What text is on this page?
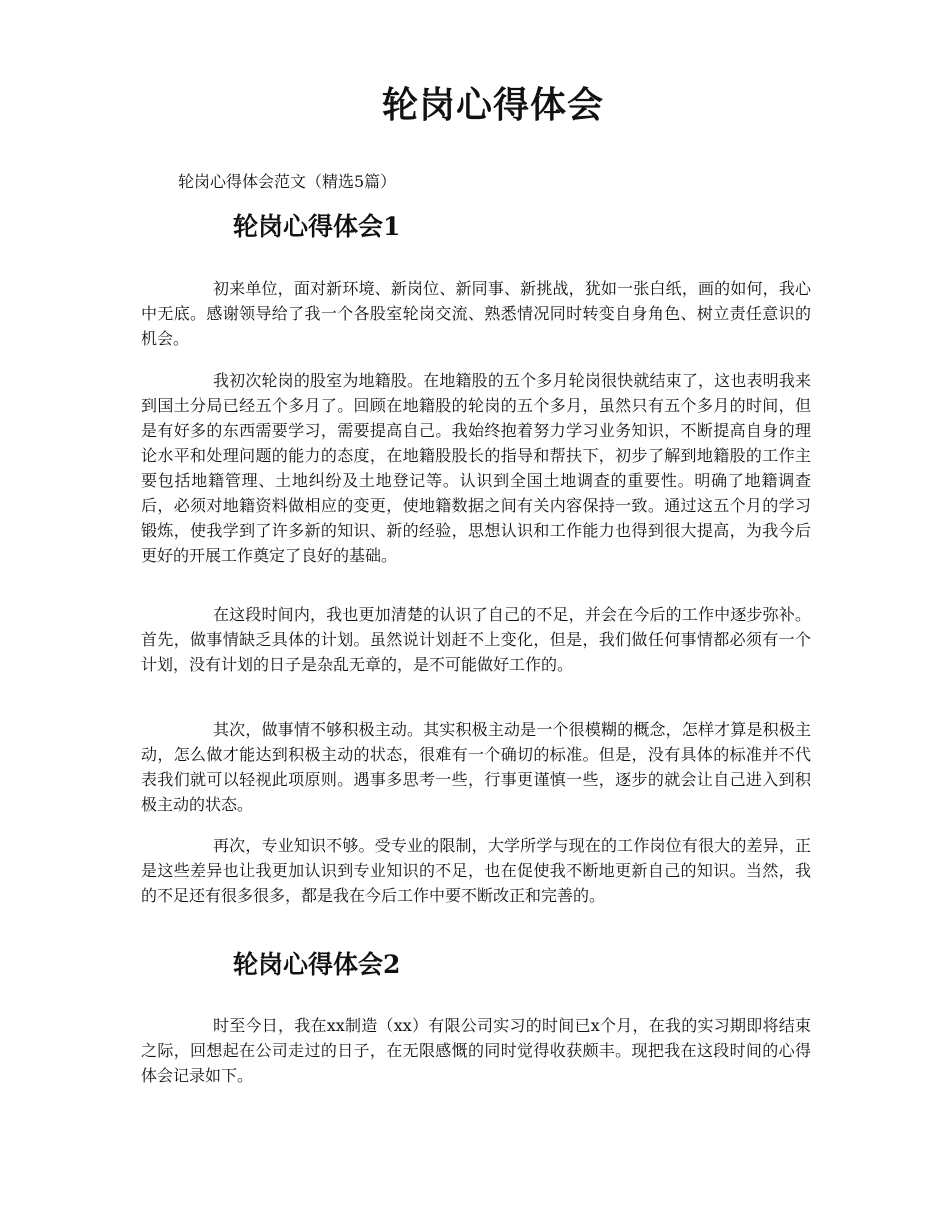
轮岗心得体会

轮岗心得体会范文（精选5篇）

轮岗心得体会1

初来单位，面对新环境、新岗位、新同事、新挑战，犹如一张白纸，画的如何，我心中无底。感谢领导给了我一个各股室轮岗交流、熟悉情况同时转变自身角色、树立责任意识的机会。

我初次轮岗的股室为地籍股。在地籍股的五个多月轮岗很快就结束了，这也表明我来到国土分局已经五个多月了。回顾在地籍股的轮岗的五个多月，虽然只有五个多月的时间，但是有好多的东西需要学习，需要提高自己。我始终抱着努力学习业务知识，不断提高自身的理论水平和处理问题的能力的态度，在地籍股股长的指导和帮扶下，初步了解到地籍股的工作主要包括地籍管理、土地纠纷及土地登记等。认识到全国土地调查的重要性。明确了地籍调查后，必须对地籍资料做相应的变更，使地籍数据之间有关内容保持一致。通过这五个月的学习锻炼，使我学到了许多新的知识、新的经验，思想认识和工作能力也得到很大提高，为我今后更好的开展工作奠定了良好的基础。

在这段时间内，我也更加清楚的认识了自己的不足，并会在今后的工作中逐步弥补。首先，做事情缺乏具体的计划。虽然说计划赶不上变化，但是，我们做任何事情都必须有一个计划，没有计划的日子是杂乱无章的，是不可能做好工作的。

其次，做事情不够积极主动。其实积极主动是一个很模糊的概念，怎样才算是积极主动，怎么做才能达到积极主动的状态，很难有一个确切的标准。但是，没有具体的标准并不代表我们就可以轻视此项原则。遇事多思考一些，行事更谨慎一些，逐步的就会让自己进入到积极主动的状态。

再次，专业知识不够。受专业的限制，大学所学与现在的工作岗位有很大的差异，正是这些差异也让我更加认识到专业知识的不足，也在促使我不断地更新自己的知识。当然，我的不足还有很多很多，都是我在今后工作中要不断改正和完善的。

轮岗心得体会2

时至今日，我在xx制造（xx）有限公司实习的时间已x个月，在我的实习期即将结束之际，回想起在公司走过的日子，在无限感慨的同时觉得收获颇丰。现把我在这段时间的心得体会记录如下。
